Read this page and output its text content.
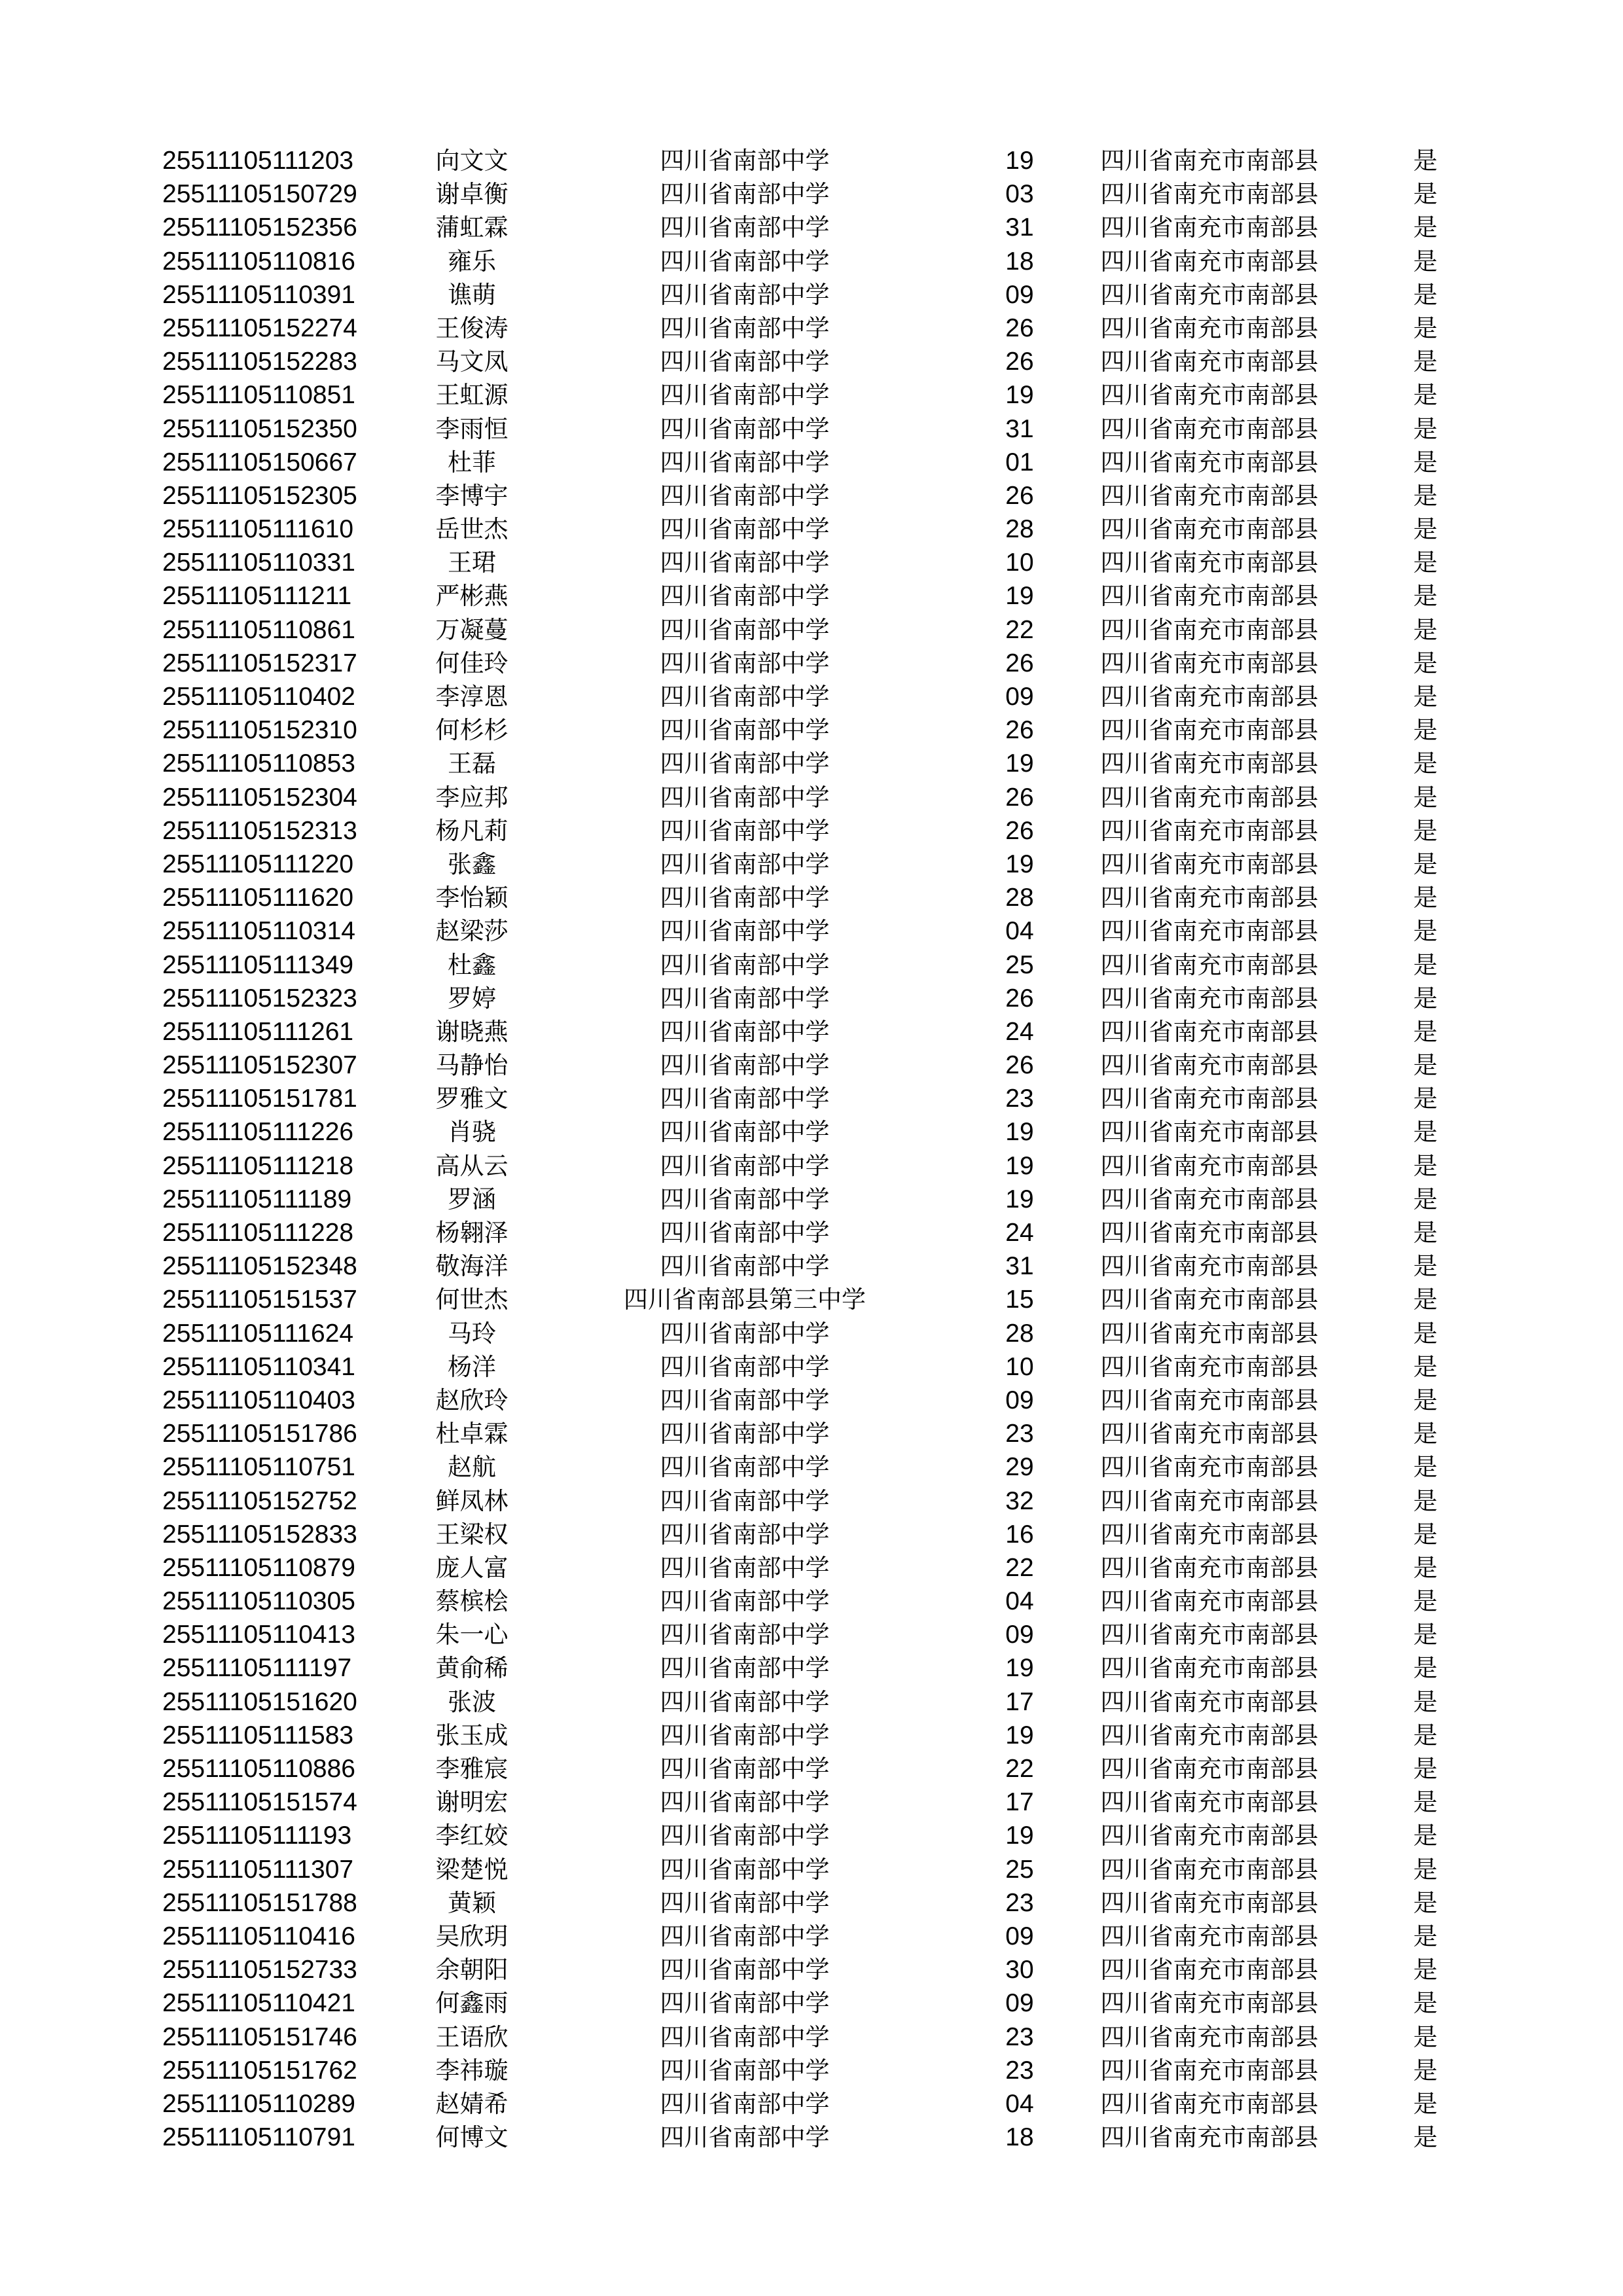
25511105111203	向文文	四川省南部中学	19	四川省南充市南部县	是
25511105150729	谢卓衡	四川省南部中学	03	四川省南充市南部县	是
25511105152356	蒲虹霖	四川省南部中学	31	四川省南充市南部县	是
25511105110816	雍乐	四川省南部中学	18	四川省南充市南部县	是
25511105110391	谯萌	四川省南部中学	09	四川省南充市南部县	是
25511105152274	王俊涛	四川省南部中学	26	四川省南充市南部县	是
25511105152283	马文凤	四川省南部中学	26	四川省南充市南部县	是
25511105110851	王虹源	四川省南部中学	19	四川省南充市南部县	是
25511105152350	李雨恒	四川省南部中学	31	四川省南充市南部县	是
25511105150667	杜菲	四川省南部中学	01	四川省南充市南部县	是
25511105152305	李博宇	四川省南部中学	26	四川省南充市南部县	是
25511105111610	岳世杰	四川省南部中学	28	四川省南充市南部县	是
25511105110331	王珺	四川省南部中学	10	四川省南充市南部县	是
25511105111211	严彬燕	四川省南部中学	19	四川省南充市南部县	是
25511105110861	万凝蔓	四川省南部中学	22	四川省南充市南部县	是
25511105152317	何佳玲	四川省南部中学	26	四川省南充市南部县	是
25511105110402	李淳恩	四川省南部中学	09	四川省南充市南部县	是
25511105152310	何杉杉	四川省南部中学	26	四川省南充市南部县	是
25511105110853	王磊	四川省南部中学	19	四川省南充市南部县	是
25511105152304	李应邦	四川省南部中学	26	四川省南充市南部县	是
25511105152313	杨凡莉	四川省南部中学	26	四川省南充市南部县	是
25511105111220	张鑫	四川省南部中学	19	四川省南充市南部县	是
25511105111620	李怡颖	四川省南部中学	28	四川省南充市南部县	是
25511105110314	赵梁莎	四川省南部中学	04	四川省南充市南部县	是
25511105111349	杜鑫	四川省南部中学	25	四川省南充市南部县	是
25511105152323	罗婷	四川省南部中学	26	四川省南充市南部县	是
25511105111261	谢晓燕	四川省南部中学	24	四川省南充市南部县	是
25511105152307	马静怡	四川省南部中学	26	四川省南充市南部县	是
25511105151781	罗雅文	四川省南部中学	23	四川省南充市南部县	是
25511105111226	肖骁	四川省南部中学	19	四川省南充市南部县	是
25511105111218	高从云	四川省南部中学	19	四川省南充市南部县	是
25511105111189	罗涵	四川省南部中学	19	四川省南充市南部县	是
25511105111228	杨翱泽	四川省南部中学	24	四川省南充市南部县	是
25511105152348	敬海洋	四川省南部中学	31	四川省南充市南部县	是
25511105151537	何世杰	四川省南部县第三中学	15	四川省南充市南部县	是
25511105111624	马玲	四川省南部中学	28	四川省南充市南部县	是
25511105110341	杨洋	四川省南部中学	10	四川省南充市南部县	是
25511105110403	赵欣玲	四川省南部中学	09	四川省南充市南部县	是
25511105151786	杜卓霖	四川省南部中学	23	四川省南充市南部县	是
25511105110751	赵航	四川省南部中学	29	四川省南充市南部县	是
25511105152752	鲜凤林	四川省南部中学	32	四川省南充市南部县	是
25511105152833	王梁权	四川省南部中学	16	四川省南充市南部县	是
25511105110879	庞人富	四川省南部中学	22	四川省南充市南部县	是
25511105110305	蔡槟桧	四川省南部中学	04	四川省南充市南部县	是
25511105110413	朱一心	四川省南部中学	09	四川省南充市南部县	是
25511105111197	黄俞稀	四川省南部中学	19	四川省南充市南部县	是
25511105151620	张波	四川省南部中学	17	四川省南充市南部县	是
25511105111583	张玉成	四川省南部中学	19	四川省南充市南部县	是
25511105110886	李雅宸	四川省南部中学	22	四川省南充市南部县	是
25511105151574	谢明宏	四川省南部中学	17	四川省南充市南部县	是
25511105111193	李红姣	四川省南部中学	19	四川省南充市南部县	是
25511105111307	梁楚悦	四川省南部中学	25	四川省南充市南部县	是
25511105151788	黄颖	四川省南部中学	23	四川省南充市南部县	是
25511105110416	吴欣玥	四川省南部中学	09	四川省南充市南部县	是
25511105152733	余朝阳	四川省南部中学	30	四川省南充市南部县	是
25511105110421	何鑫雨	四川省南部中学	09	四川省南充市南部县	是
25511105151746	王语欣	四川省南部中学	23	四川省南充市南部县	是
25511105151762	李祎璇	四川省南部中学	23	四川省南充市南部县	是
25511105110289	赵婧希	四川省南部中学	04	四川省南充市南部县	是
25511105110791	何博文	四川省南部中学	18	四川省南充市南部县	是
